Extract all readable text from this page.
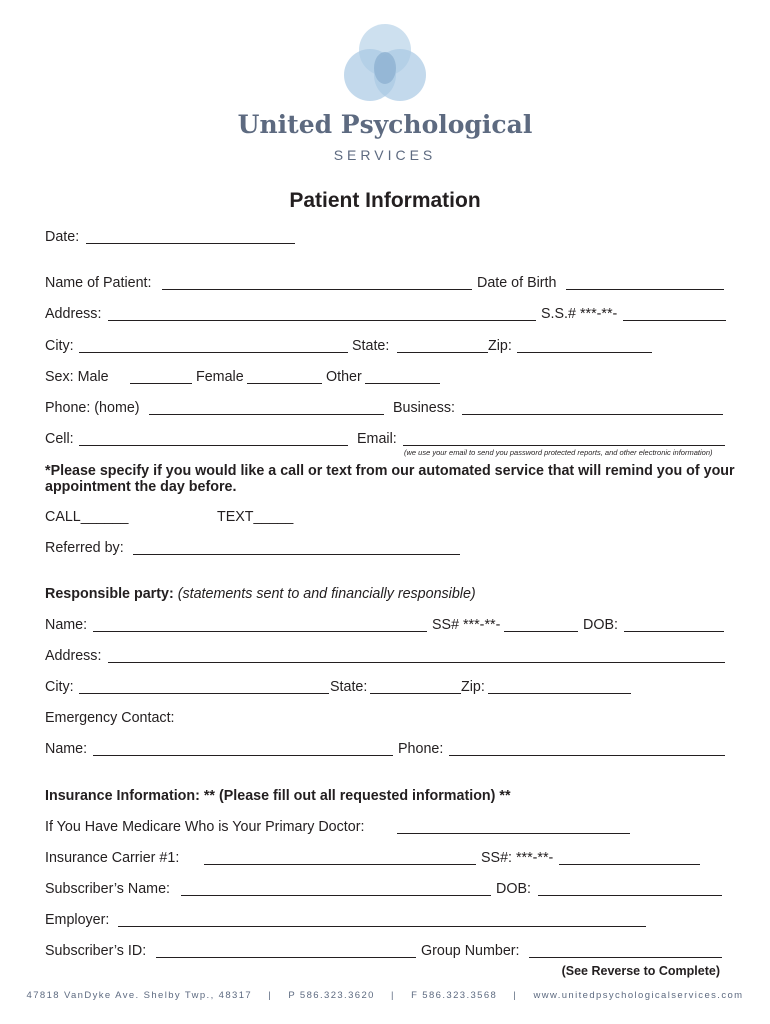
United Psychological
SERVICES
Patient Information
Date:
Name of Patient:	Date of Birth
Address:	S.S.# ***-**-
City:	State:	Zip:
Sex: Male	Female	Other
Phone: (home)	Business:
Cell:	Email:
(we use your email to send you password protected reports, and other electronic information)
*Please specify if you would like a call or text from our automated service that will remind you of your appointment the day before.
CALL______	TEXT_____
Referred by:
Responsible party: (statements sent to and financially responsible)
Name:	SS# ***-**-	DOB:
Address:
City:	State:	Zip:
Emergency Contact:
Name:	Phone:
Insurance Information: ** (Please fill out all requested information) **
If You Have Medicare Who is Your Primary Doctor:
Insurance Carrier #1:	SS#: ***-**-
Subscriber’s Name:	DOB:
Employer:
Subscriber’s ID:	Group Number:
(See Reverse to Complete)
47818 VanDyke Ave. Shelby Twp., 48317 | P 586.323.3620 | F 586.323.3568 | www.unitedpsychologicalservices.com
